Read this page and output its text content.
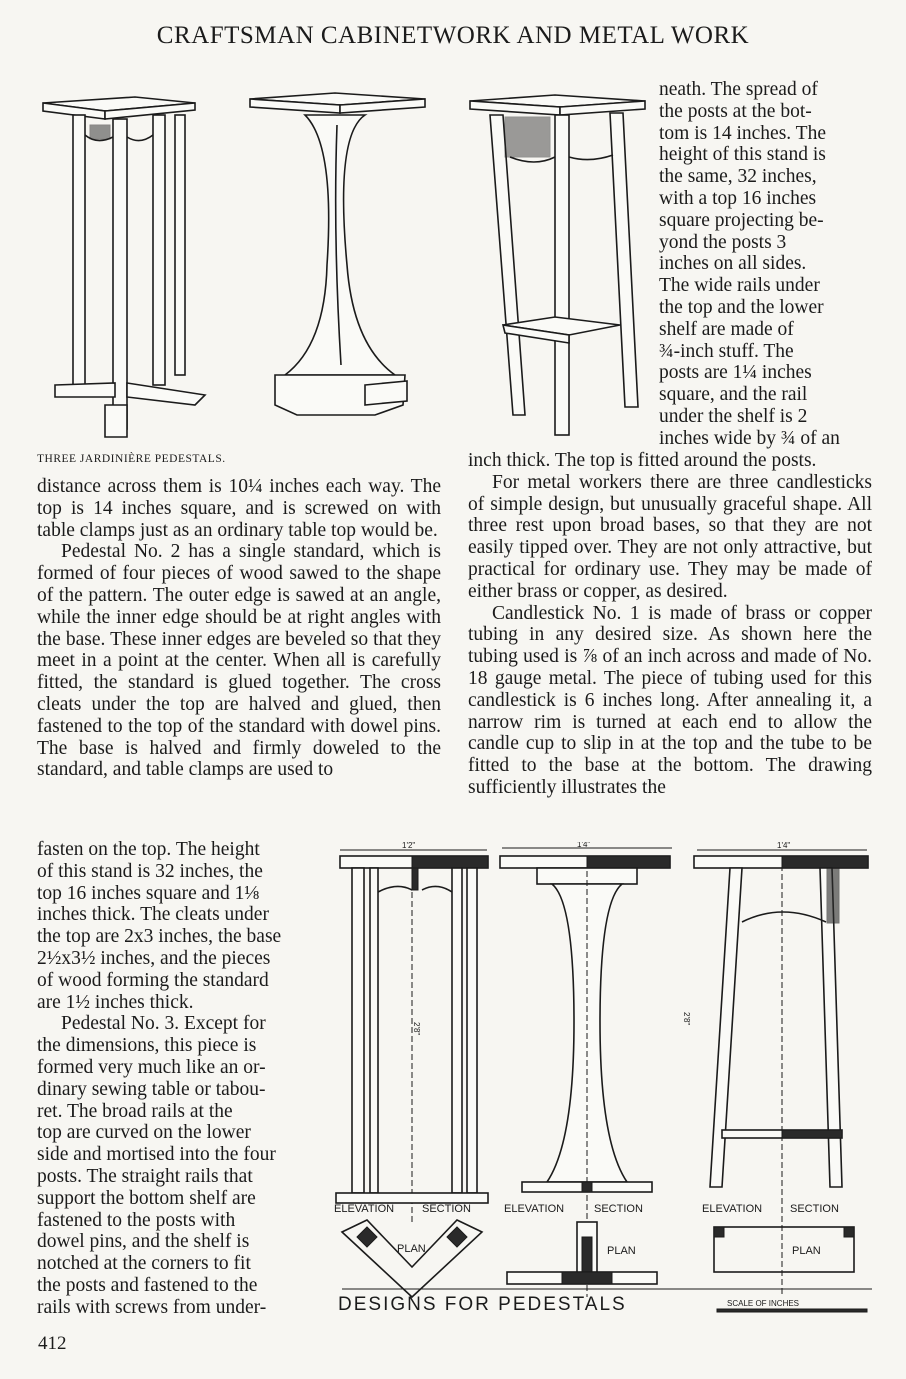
CRAFTSMAN CABINETWORK AND METAL WORK
THREE JARDINIÈRE PEDESTALS.
neath. The spread of
the posts at the bot-
tom is 14 inches. The
height of this stand is
the same, 32 inches,
with a top 16 inches
square projecting be-
yond the posts 3
inches on all sides.
The wide rails under
the top and the lower
shelf are made of
¾-inch stuff. The
posts are 1¼ inches
square, and the rail
under the shelf is 2
inches wide by ¾ of an

inch thick. The top is fitted around the posts.

For metal workers there are three candlesticks of simple design, but unusually graceful shape. All three rest upon broad bases, so that they are not easily tipped over. They are not only attractive, but practical for ordinary use. They may be made of either brass or copper, as desired.

Candlestick No. 1 is made of brass or copper tubing in any desired size. As shown here the tubing used is ⅞ of an inch across and made of No. 18 gauge metal. The piece of tubing used for this candlestick is 6 inches long. After annealing it, a narrow rim is turned at each end to allow the candle cup to slip in at the top and the tube to be fitted to the base at the bottom. The drawing sufficiently illustrates the

distance across them is 10¼ inches each way. The top is 14 inches square, and is screwed on with table clamps just as an ordinary table top would be.

Pedestal No. 2 has a single standard, which is formed of four pieces of wood sawed to the shape of the pattern. The outer edge is sawed at an angle, while the inner edge should be at right angles with the base. These inner edges are beveled so that they meet in a point at the center. When all is carefully fitted, the standard is glued together. The cross cleats under the top are halved and glued, then fastened to the top of the standard with dowel pins. The base is halved and firmly doweled to the standard, and table clamps are used to

fasten on the top. The height
of this stand is 32 inches, the
top 16 inches square and 1⅛
inches thick. The cleats under
the top are 2x3 inches, the base
2½x3½ inches, and the pieces
of wood forming the standard
are 1½ inches thick.
Pedestal No. 3. Except for
the dimensions, this piece is
formed very much like an or-
dinary sewing table or tabou-
ret. The broad rails at the
top are curved on the lower
side and mortised into the four
posts. The straight rails that
support the bottom shelf are
fastened to the posts with
dowel pins, and the shelf is
notched at the corners to fit
the posts and fastened to the
rails with screws from under-
1'2"	1'4"	1'4"
2'8"
ELEVATION	SECTION
PLAN
ELEVATION	SECTION
PLAN
2'8"
ELEVATION	SECTION
PLAN
DESIGNS FOR PEDESTALS	SCALE OF INCHES
412
